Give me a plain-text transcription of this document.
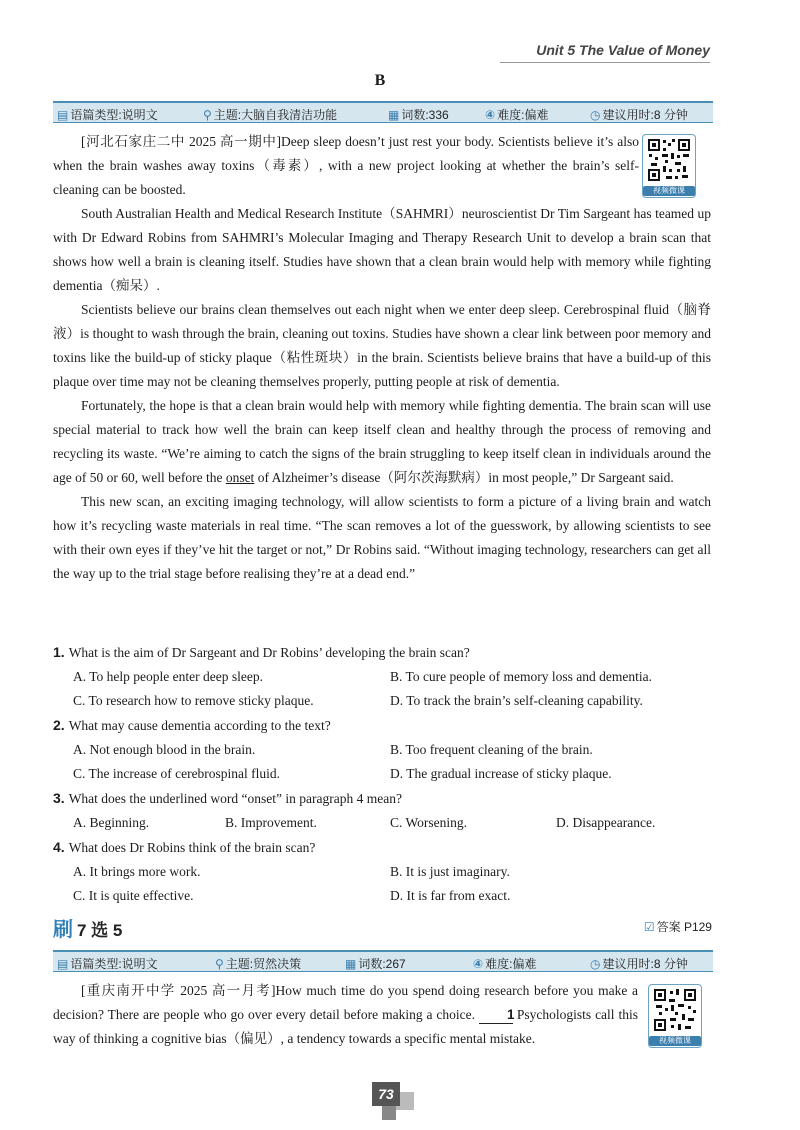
Unit 5 The Value of Money
B
▤ 语篇类型:说明文	⚲ 主题:大脑自我清洁功能	▦ 词数:336	④ 难度:偏难	◷ 建议用时:8 分钟
视频微课

[河北石家庄二中 2025 高一期中]Deep sleep doesn’t just rest your body. Scientists believe it’s also when the brain washes away toxins（毒素）, with a new project looking at whether the brain’s self-cleaning can be boosted.

South Australian Health and Medical Research Institute（SAHMRI）neuroscientist Dr Tim Sargeant has teamed up with Dr Edward Robins from SAHMRI’s Molecular Imaging and Therapy Research Unit to develop a brain scan that shows how well a brain is cleaning itself. Studies have shown that a clean brain would help with memory while fighting dementia（痴呆）.

Scientists believe our brains clean themselves out each night when we enter deep sleep. Cerebrospinal fluid（脑脊液）is thought to wash through the brain, cleaning out toxins. Studies have shown a clear link between poor memory and toxins like the build-up of sticky plaque（粘性斑块）in the brain. Scientists believe brains that have a build-up of this plaque over time may not be cleaning themselves properly, putting people at risk of dementia.

Fortunately, the hope is that a clean brain would help with memory while fighting dementia. The brain scan will use special material to track how well the brain can keep itself clean and healthy through the process of removing and recycling its waste. “We’re aiming to catch the signs of the brain struggling to keep itself clean in individuals around the age of 50 or 60, well before the onset of Alzheimer’s disease（阿尔茨海默病）in most people,” Dr Sargeant said.

This new scan, an exciting imaging technology, will allow scientists to form a picture of a living brain and watch how it’s recycling waste materials in real time. “The scan removes a lot of the guesswork, by allowing scientists to see with their own eyes if they’ve hit the target or not,” Dr Robins said. “Without imaging technology, researchers can get all the way up to the trial stage before realising they’re at a dead end.”

1. What is the aim of Dr Sargeant and Dr Robins’ developing the brain scan?
A. To help people enter deep sleep.	B. To cure people of memory loss and dementia.
C. To research how to remove sticky plaque.	D. To track the brain’s self-cleaning capability.
2. What may cause dementia according to the text?
A. Not enough blood in the brain.	B. Too frequent cleaning of the brain.
C. The increase of cerebrospinal fluid.	D. The gradual increase of sticky plaque.
3. What does the underlined word “onset” in paragraph 4 mean?
A. Beginning.	B. Improvement.	C. Worsening.	D. Disappearance.
4. What does Dr Robins think of the brain scan?
A. It brings more work.	B. It is just imaginary.
C. It is quite effective.	D. It is far from exact.
刷 7 选 5	☑ 答案 P129
▤ 语篇类型:说明文	⚲ 主题:贸然决策	▦ 词数:267	④ 难度:偏难	◷ 建议用时:8 分钟
视频微课

[重庆南开中学 2025 高一月考]How much time do you spend doing research before you make a decision? There are people who go over every detail before making a choice. 1 Psychologists call this way of thinking a cognitive bias（偏见）, a tendency towards a specific mental mistake.

73
